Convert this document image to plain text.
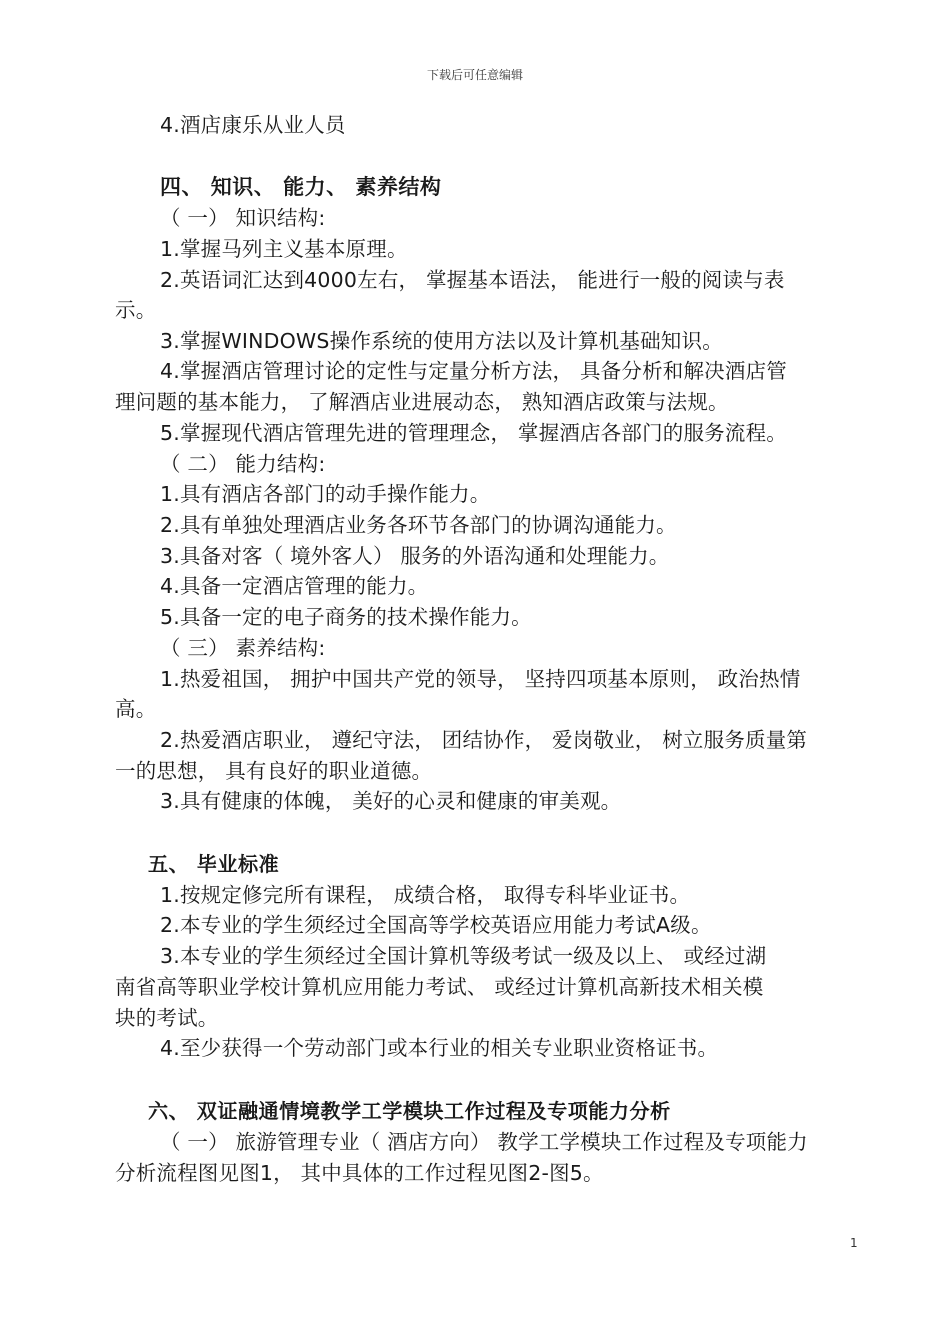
下载后可任意编辑
4.酒店康乐从业人员
四、 知识、 能力、 素养结构
（ 一） 知识结构:
1.掌握马列主义基本原理。
2.英语词汇达到4000左右， 掌握基本语法， 能进行一般的阅读与表
示。
3.掌握WINDOWS操作系统的使用方法以及计算机基础知识。
4.掌握酒店管理讨论的定性与定量分析方法， 具备分析和解决酒店管
理问题的基本能力， 了解酒店业进展动态， 熟知酒店政策与法规。
5.掌握现代酒店管理先进的管理理念， 掌握酒店各部门的服务流程。
（ 二） 能力结构:
1.具有酒店各部门的动手操作能力。
2.具有单独处理酒店业务各环节各部门的协调沟通能力。
3.具备对客（ 境外客人） 服务的外语沟通和处理能力。
4.具备一定酒店管理的能力。
5.具备一定的电子商务的技术操作能力。
（ 三） 素养结构:
1.热爱祖国， 拥护中国共产党的领导， 坚持四项基本原则， 政治热情
高。
2.热爱酒店职业， 遵纪守法， 团结协作， 爱岗敬业， 树立服务质量第
一的思想， 具有良好的职业道德。
3.具有健康的体魄， 美好的心灵和健康的审美观。
五、 毕业标准
1.按规定修完所有课程， 成绩合格， 取得专科毕业证书。
2.本专业的学生须经过全国高等学校英语应用能力考试A级。
3.本专业的学生须经过全国计算机等级考试一级及以上、 或经过湖
南省高等职业学校计算机应用能力考试、 或经过计算机高新技术相关模
块的考试。
4.至少获得一个劳动部门或本行业的相关专业职业资格证书。
六、 双证融通情境教学工学模块工作过程及专项能力分析
（ 一） 旅游管理专业（ 酒店方向） 教学工学模块工作过程及专项能力
分析流程图见图1， 其中具体的工作过程见图2-图5。
1
